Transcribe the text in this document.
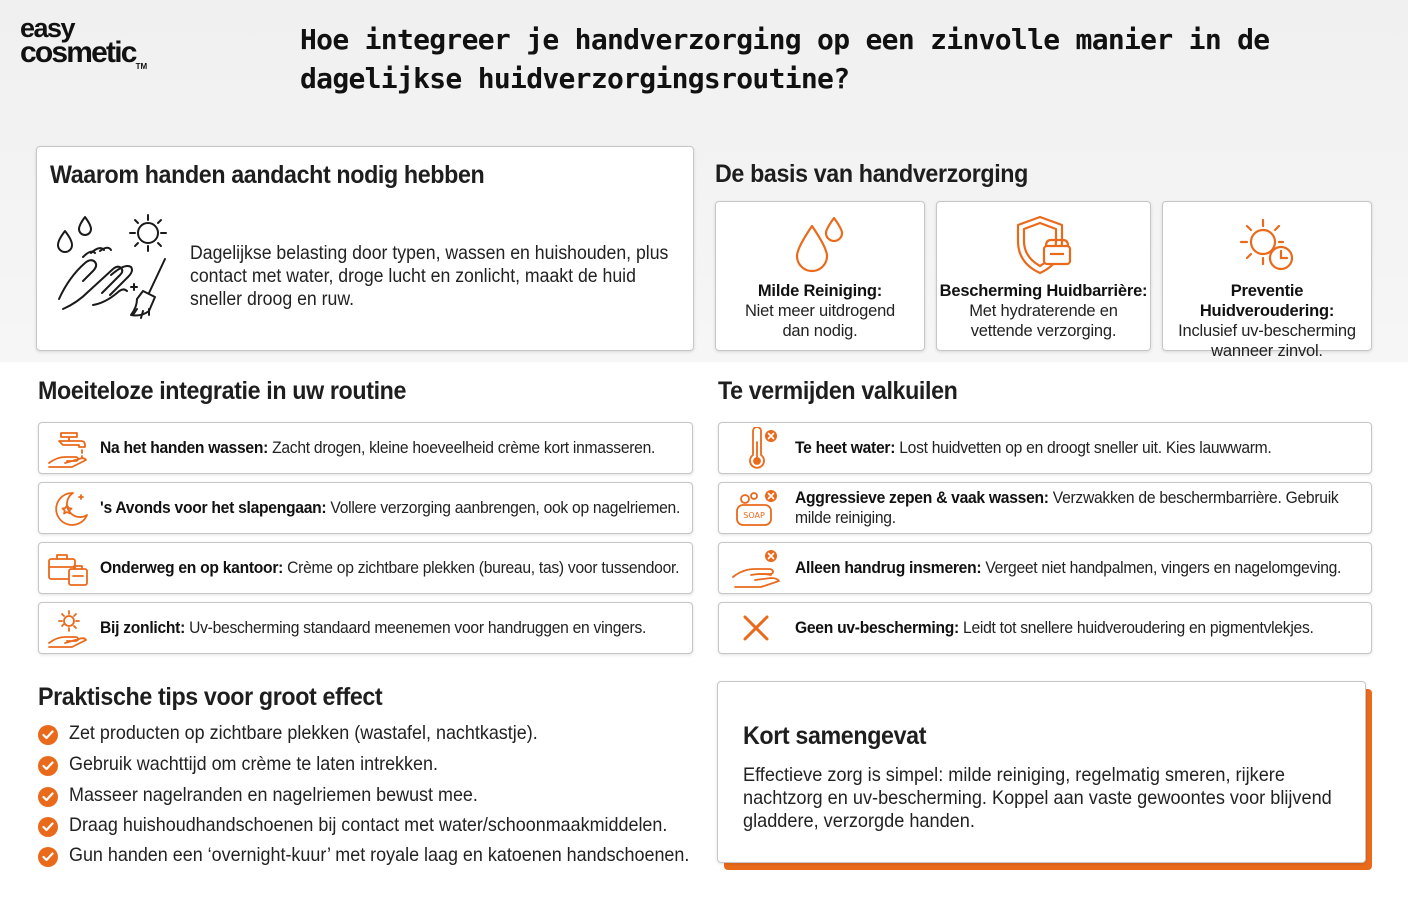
easy
cosmetic™
Hoe integreer je handverzorging op een zinvolle manier in de dagelijkse huidverzorgingsroutine?
Waarom handen aandacht nodig hebben
Dagelijkse belasting door typen, wassen en huishouden, plus contact met water, droge lucht en zonlicht, maakt de huid sneller droog en ruw.
De basis van handverzorging
Milde Reiniging:
Niet meer uitdrogend
dan nodig.
Bescherming Huidbarrière:
Met hydraterende en
vettende verzorging.
Preventie Huidveroudering:
Inclusief uv-bescherming
wanneer zinvol.
Moeiteloze integratie in uw routine
Na het handen wassen: Zacht drogen, kleine hoeveelheid crème kort inmasseren.
's Avonds voor het slapengaan: Vollere verzorging aanbrengen, ook op nagelriemen.
Onderweg en op kantoor: Crème op zichtbare plekken (bureau, tas) voor tussendoor.
Bij zonlicht: Uv-bescherming standaard meenemen voor handruggen en vingers.
Te vermijden valkuilen
Te heet water: Lost huidvetten op en droogt sneller uit. Kies lauwwarm.
SOAP
Aggressieve zepen & vaak wassen: Verzwakken de beschermbarrière. Gebruik milde reiniging.
Alleen handrug insmeren: Vergeet niet handpalmen, vingers en nagelomgeving.
Geen uv-bescherming: Leidt tot snellere huidveroudering en pigmentvlekjes.
Praktische tips voor groot effect
Zet producten op zichtbare plekken (wastafel, nachtkastje).
Gebruik wachttijd om crème te laten intrekken.
Masseer nagelranden en nagelriemen bewust mee.
Draag huishoudhandschoenen bij contact met water/schoonmaakmiddelen.
Gun handen een ‘overnight-kuur’ met royale laag en katoenen handschoenen.
Kort samengevat
Effectieve zorg is simpel: milde reiniging, regelmatig smeren, rijkere nachtzorg en uv-bescherming. Koppel aan vaste gewoontes voor blijvend gladdere, verzorgde handen.
